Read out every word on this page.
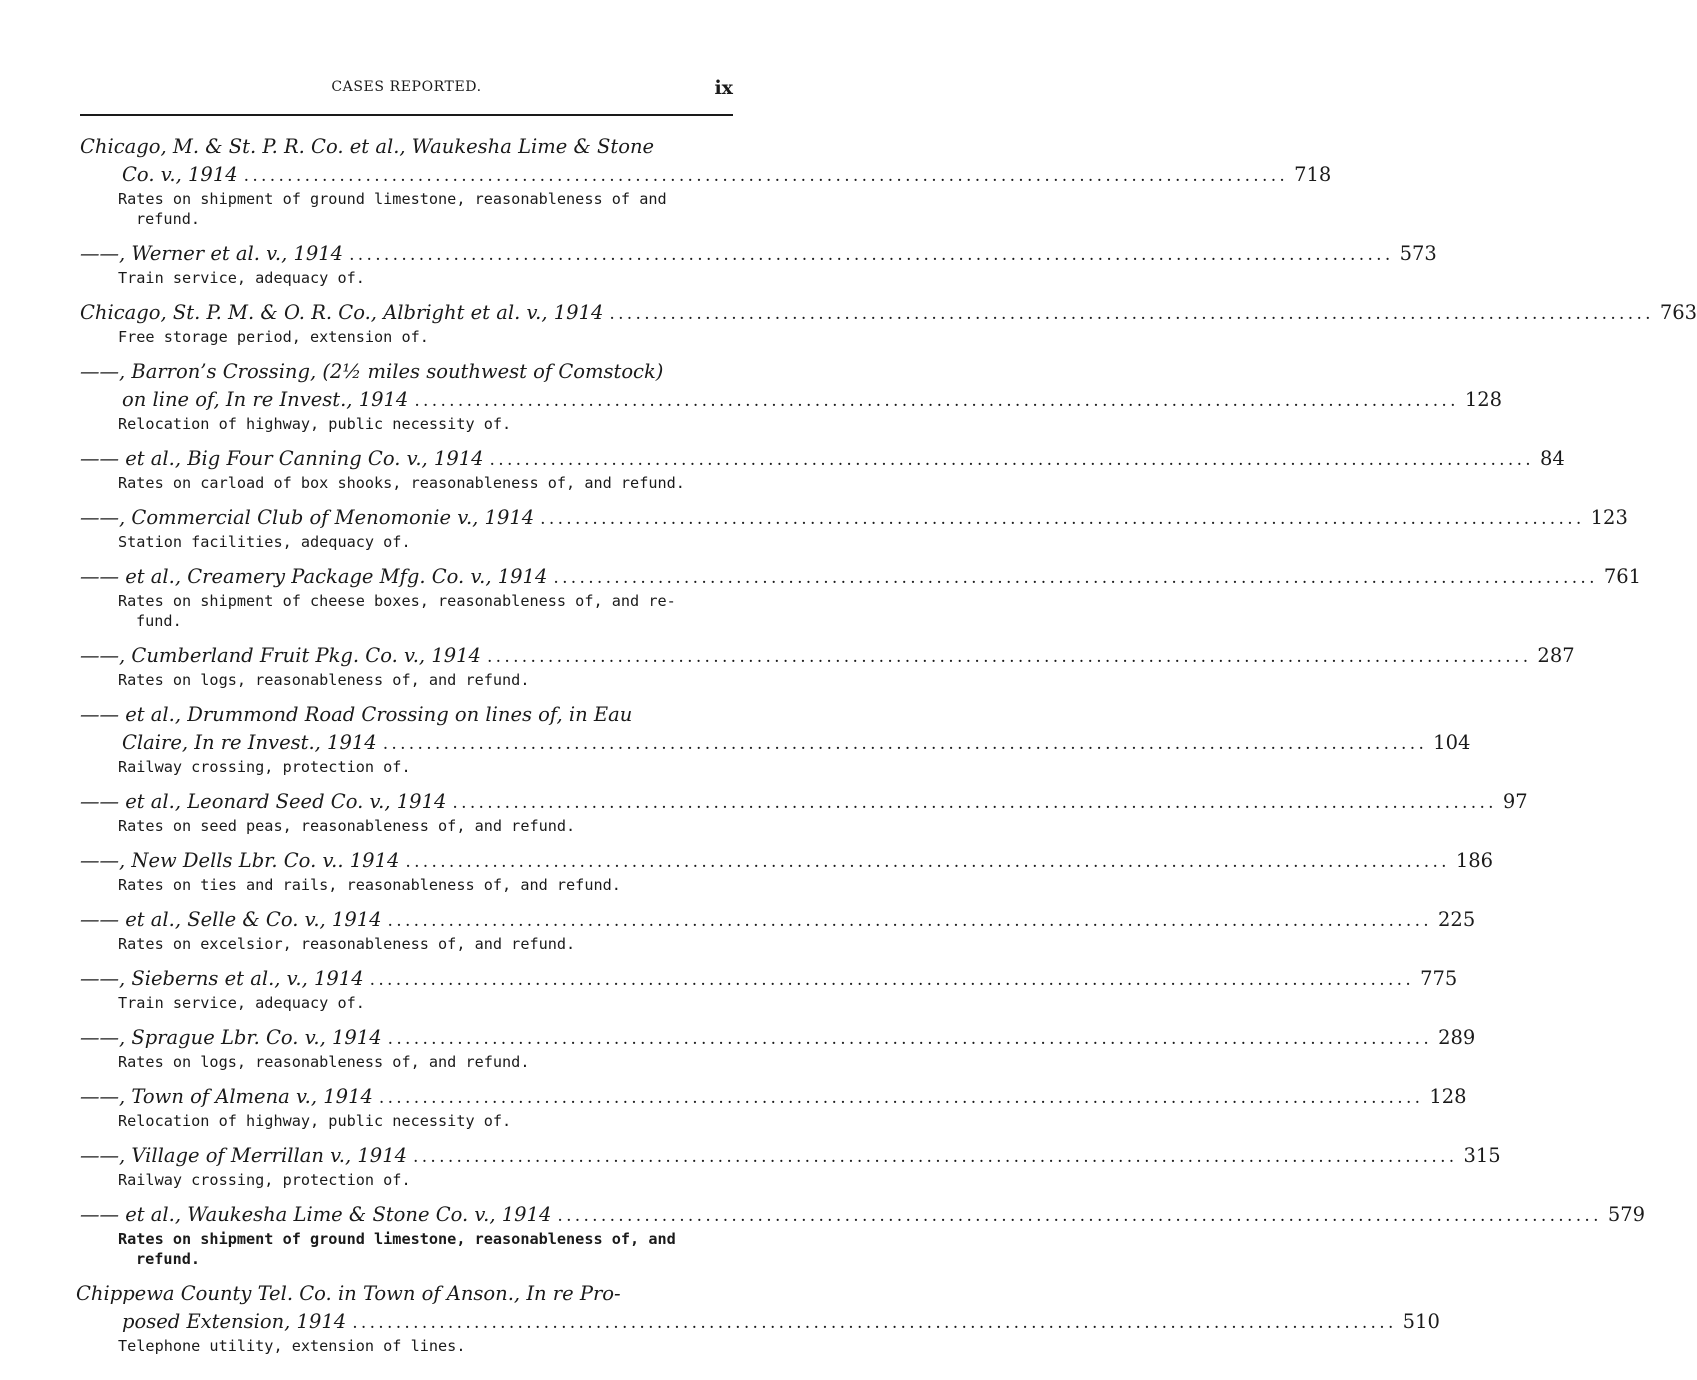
CASES REPORTED.	ix
Chicago, M. & St. P. R. Co. et al., Waukesha Lime & Stone
Co. v., 1914 ........................................................................................................................ 718
Rates on shipment of ground limestone, reasonableness of and
refund.
——, Werner et al. v., 1914 ........................................................................................................................ 573
Train service, adequacy of.
Chicago, St. P. M. & O. R. Co., Albright et al. v., 1914 ........................................................................................................................ 763
Free storage period, extension of.
——, Barron’s Crossing, (2½ miles southwest of Comstock)
on line of, In re Invest., 1914 ........................................................................................................................ 128
Relocation of highway, public necessity of.
—— et al., Big Four Canning Co. v., 1914 ........................................................................................................................ 84
Rates on carload of box shooks, reasonableness of, and refund.
——, Commercial Club of Menomonie v., 1914 ........................................................................................................................ 123
Station facilities, adequacy of.
—— et al., Creamery Package Mfg. Co. v., 1914 ........................................................................................................................ 761
Rates on shipment of cheese boxes, reasonableness of, and re-
fund.
——, Cumberland Fruit Pkg. Co. v., 1914 ........................................................................................................................ 287
Rates on logs, reasonableness of, and refund.
—— et al., Drummond Road Crossing on lines of, in Eau
Claire, In re Invest., 1914 ........................................................................................................................ 104
Railway crossing, protection of.
—— et al., Leonard Seed Co. v., 1914 ........................................................................................................................ 97
Rates on seed peas, reasonableness of, and refund.
——, New Dells Lbr. Co. v.. 1914 ........................................................................................................................ 186
Rates on ties and rails, reasonableness of, and refund.
—— et al., Selle & Co. v., 1914 ........................................................................................................................ 225
Rates on excelsior, reasonableness of, and refund.
——, Sieberns et al., v., 1914 ........................................................................................................................ 775
Train service, adequacy of.
——, Sprague Lbr. Co. v., 1914 ........................................................................................................................ 289
Rates on logs, reasonableness of, and refund.
——, Town of Almena v., 1914 ........................................................................................................................ 128
Relocation of highway, public necessity of.
——, Village of Merrillan v., 1914 ........................................................................................................................ 315
Railway crossing, protection of.
—— et al., Waukesha Lime & Stone Co. v., 1914 ........................................................................................................................ 579
Rates on shipment of ground limestone, reasonableness of, and
refund.
Chippewa County Tel. Co. in Town of Anson., In re Pro-
posed Extension, 1914 ........................................................................................................................ 510
Telephone utility, extension of lines.
